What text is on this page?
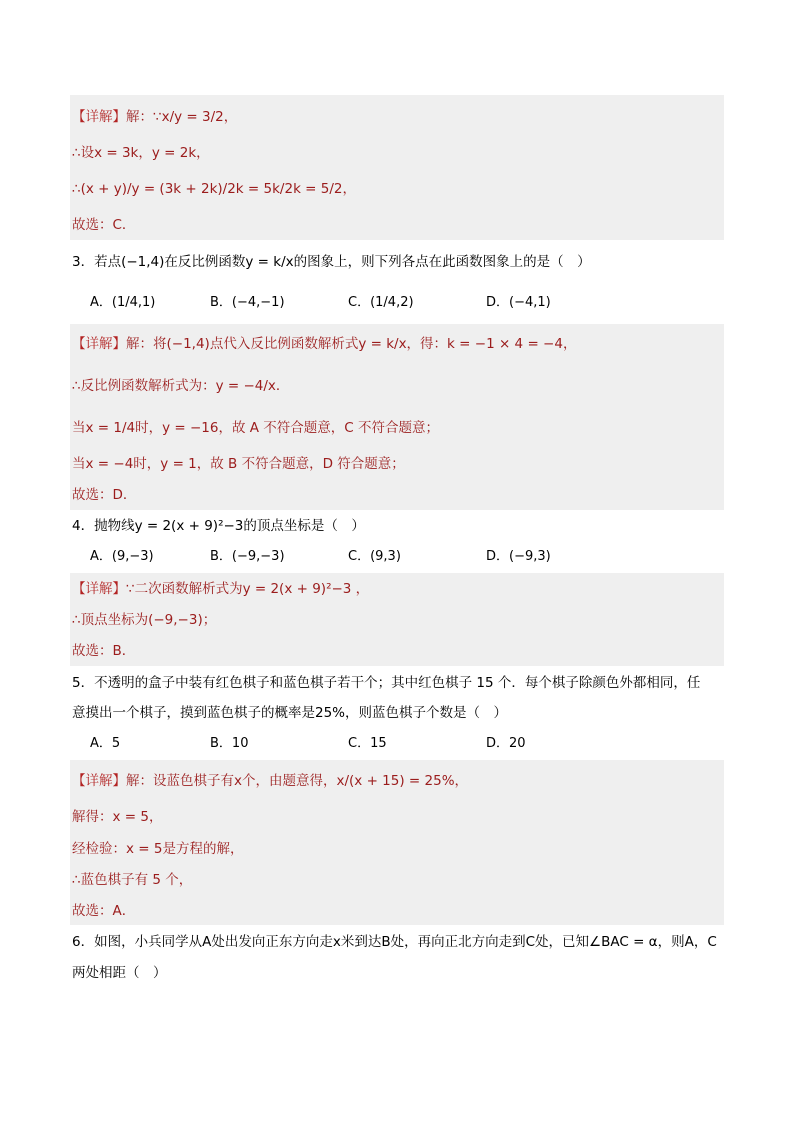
【详解】解：∵x/y = 3/2，
∴设x = 3k，y = 2k，
∴(x + y)/y = (3k + 2k)/2k = 5k/2k = 5/2，
故选：C．
3．若点(−1,4)在反比例函数y = k/x的图象上，则下列各点在此函数图象上的是（　）
A．(1/4,1)	B．(−4,−1)	C．(1/4,2)	D．(−4,1)
【详解】解：将(−1,4)点代入反比例函数解析式y = k/x，得：k = −1 × 4 = −4，
∴反比例函数解析式为：y = −4/x．
当x = 1/4时，y = −16，故 A 不符合题意，C 不符合题意；
当x = −4时，y = 1，故 B 不符合题意，D 符合题意；
故选：D．
4．抛物线y = 2(x + 9)²−3的顶点坐标是（　）
A．(9,−3)	B．(−9,−3)	C．(9,3)	D．(−9,3)
【详解】∵二次函数解析式为y = 2(x + 9)²−3 ，
∴顶点坐标为(−9,−3)；
故选：B．
5．不透明的盒子中装有红色棋子和蓝色棋子若干个；其中红色棋子 15 个．每个棋子除颜色外都相同，任
意摸出一个棋子，摸到蓝色棋子的概率是25%，则蓝色棋子个数是（　）
A．5	B．10	C．15	D．20
【详解】解：设蓝色棋子有x个，由题意得，x/(x + 15) = 25%，
解得：x = 5，
经检验：x = 5是方程的解，
∴蓝色棋子有 5 个，
故选：A．
6．如图，小兵同学从A处出发向正东方向走x米到达B处，再向正北方向走到C处，已知∠BAC = α，则A，C
两处相距（　）
